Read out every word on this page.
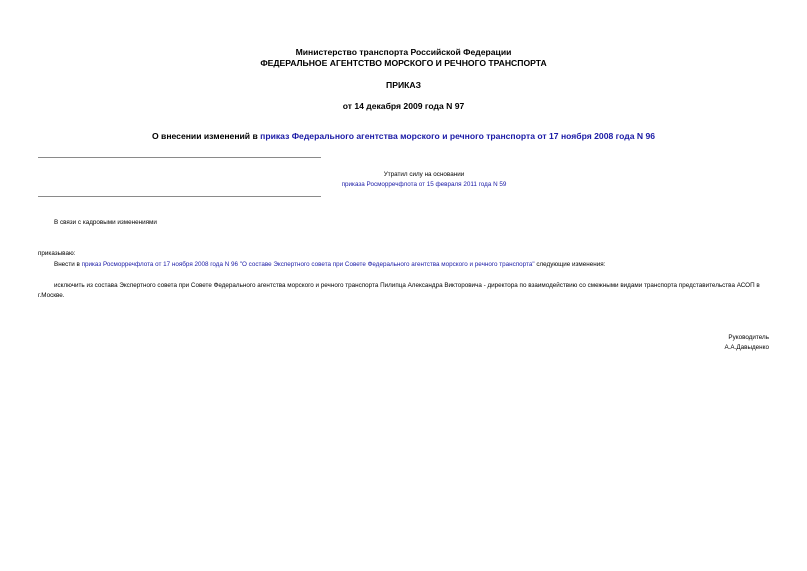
Министерство транспорта Российской Федерации
ФЕДЕРАЛЬНОЕ АГЕНТСТВО МОРСКОГО И РЕЧНОГО ТРАНСПОРТА
ПРИКАЗ
от 14 декабря 2009 года N 97
О внесении изменений в приказ Федерального агентства морского и речного транспорта от 17 ноября 2008 года N 96
Утратил силу на основании
приказа Росморречфлота от 15 февраля 2011 года N 59
В связи с кадровыми изменениями
приказываю:
Внести в приказ Росморречфлота от 17 ноября 2008 года N 96 "О составе Экспертного совета при Совете Федерального агентства морского и речного транспорта" следующие изменения:
исключить из состава Экспертного совета при Совете Федерального агентства морского и речного транспорта Пилипца Александра Викторовича - директора по взаимодействию со смежными видами транспорта представительства АСОП в г.Москве.
Руководитель
А.А.Давыденко
